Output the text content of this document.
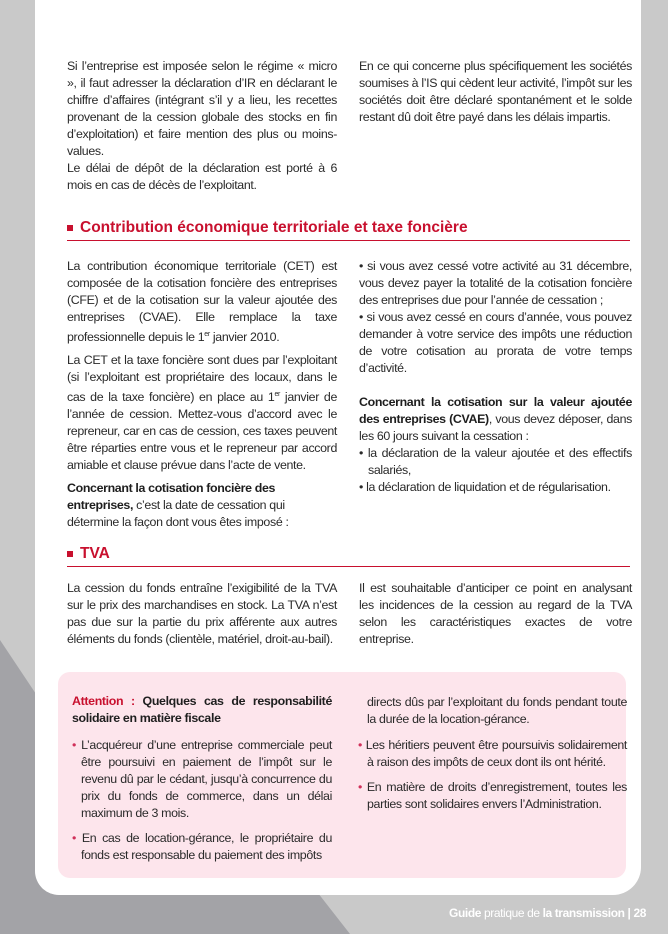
Si l’entreprise est imposée selon le régime « micro », il faut adresser la déclaration d’IR en déclarant le chiffre d’affaires (intégrant s’il y a lieu, les recettes provenant de la cession globale des stocks en fin d’exploitation) et faire mention des plus ou moins-values.

Le délai de dépôt de la déclaration est porté à 6 mois en cas de décès de l’exploitant.

En ce qui concerne plus spécifiquement les sociétés soumises à l’IS qui cèdent leur activité, l’impôt sur les sociétés doit être déclaré spontanément et le solde restant dû doit être payé dans les délais impartis.

Contribution économique territoriale et taxe foncière

La contribution économique territoriale (CET) est composée de la cotisation foncière des entreprises (CFE) et de la cotisation sur la valeur ajoutée des entreprises (CVAE). Elle remplace la taxe professionnelle depuis le 1er janvier 2010.

La CET et la taxe foncière sont dues par l’exploitant (si l’exploitant est propriétaire des locaux, dans le cas de la taxe foncière) en place au 1er janvier de l’année de cession. Mettez-vous d’accord avec le repreneur, car en cas de cession, ces taxes peuvent être réparties entre vous et le repreneur par accord amiable et clause prévue dans l’acte de vente.

Concernant la cotisation foncière des entreprises, c’est la date de cessation qui détermine la façon dont vous êtes imposé :

• si vous avez cessé votre activité au 31 décembre, vous devez payer la totalité de la cotisation foncière des entreprises due pour l’année de cessation ;

• si vous avez cessé en cours d’année, vous pouvez demander à votre service des impôts une réduction de votre cotisation au prorata de votre temps d’activité.

Concernant la cotisation sur la valeur ajoutée des entreprises (CVAE), vous devez déposer, dans les 60 jours suivant la cessation :

• la déclaration de la valeur ajoutée et des effectifs salariés,

• la déclaration de liquidation et de régularisation.

TVA

La cession du fonds entraîne l’exigibilité de la TVA sur le prix des marchandises en stock. La TVA n’est pas due sur la partie du prix afférente aux autres éléments du fonds (clientèle, matériel, droit-au-bail).

Il est souhaitable d’anticiper ce point en analysant les incidences de la cession au regard de la TVA selon les caractéristiques exactes de votre entreprise.

Attention : Quelques cas de responsabilité solidaire en matière fiscale

• L’acquéreur d’une entreprise commerciale peut être poursuivi en paiement de l’impôt sur le revenu dû par le cédant, jusqu’à concurrence du prix du fonds de commerce, dans un délai maximum de 3 mois.

• En cas de location-gérance, le propriétaire du fonds est responsable du paiement des impôts

directs dûs par l’exploitant du fonds pendant toute la durée de la location-gérance.

• Les héritiers peuvent être poursuivis solidairement à raison des impôts de ceux dont ils ont hérité.

• En matière de droits d’enregistrement, toutes les parties sont solidaires envers l’Administration.

Guide pratique de la transmission | 28
